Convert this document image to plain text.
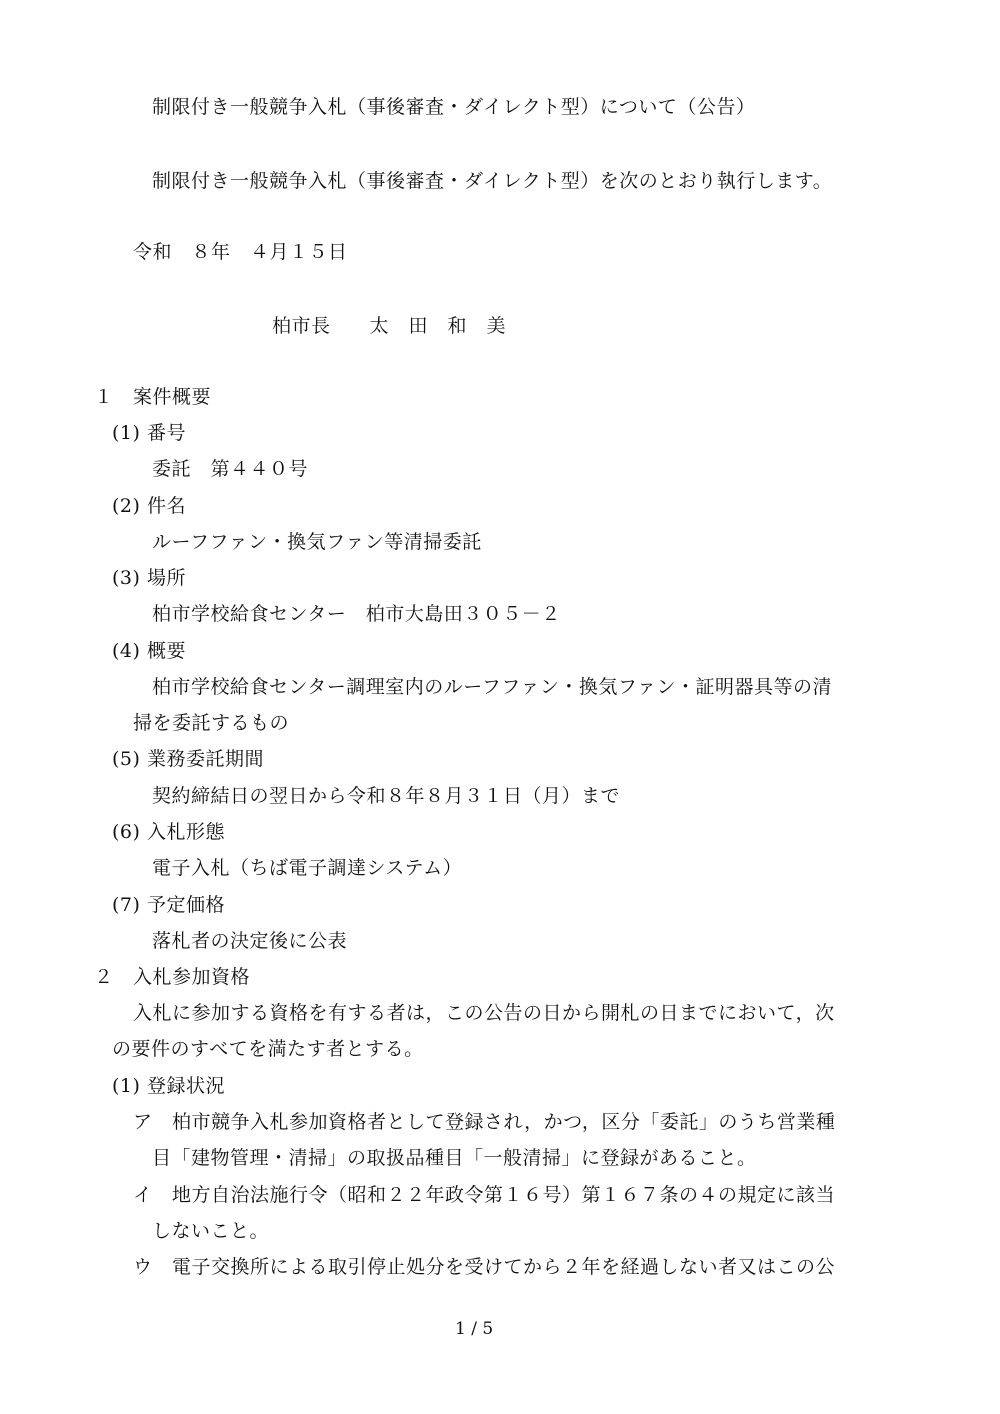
制限付き一般競争入札（事後審査・ダイレクト型）について（公告）
制限付き一般競争入札（事後審査・ダイレクト型）を次のとおり執行します。
令和　８年　４月１５日
柏市長　　太　田　和　美
１　案件概要
(1) 番号
委託　第４４０号
(2) 件名
ルーフファン・換気ファン等清掃委託
(3) 場所
柏市学校給食センター　柏市大島田３０５－２
(4) 概要
柏市学校給食センター調理室内のルーフファン・換気ファン・証明器具等の清
掃を委託するもの
(5) 業務委託期間
契約締結日の翌日から令和８年８月３１日（月）まで
(6) 入札形態
電子入札（ちば電子調達システム）
(7) 予定価格
落札者の決定後に公表
２　入札参加資格
入札に参加する資格を有する者は，この公告の日から開札の日までにおいて，次
の要件のすべてを満たす者とする。
(1) 登録状況
ア　柏市競争入札参加資格者として登録され，かつ，区分「委託」のうち営業種
目「建物管理・清掃」の取扱品種目「一般清掃」に登録があること。
イ　地方自治法施行令（昭和２２年政令第１６号）第１６７条の４の規定に該当
しないこと。
ウ　電子交換所による取引停止処分を受けてから２年を経過しない者又はこの公
1 / 5
